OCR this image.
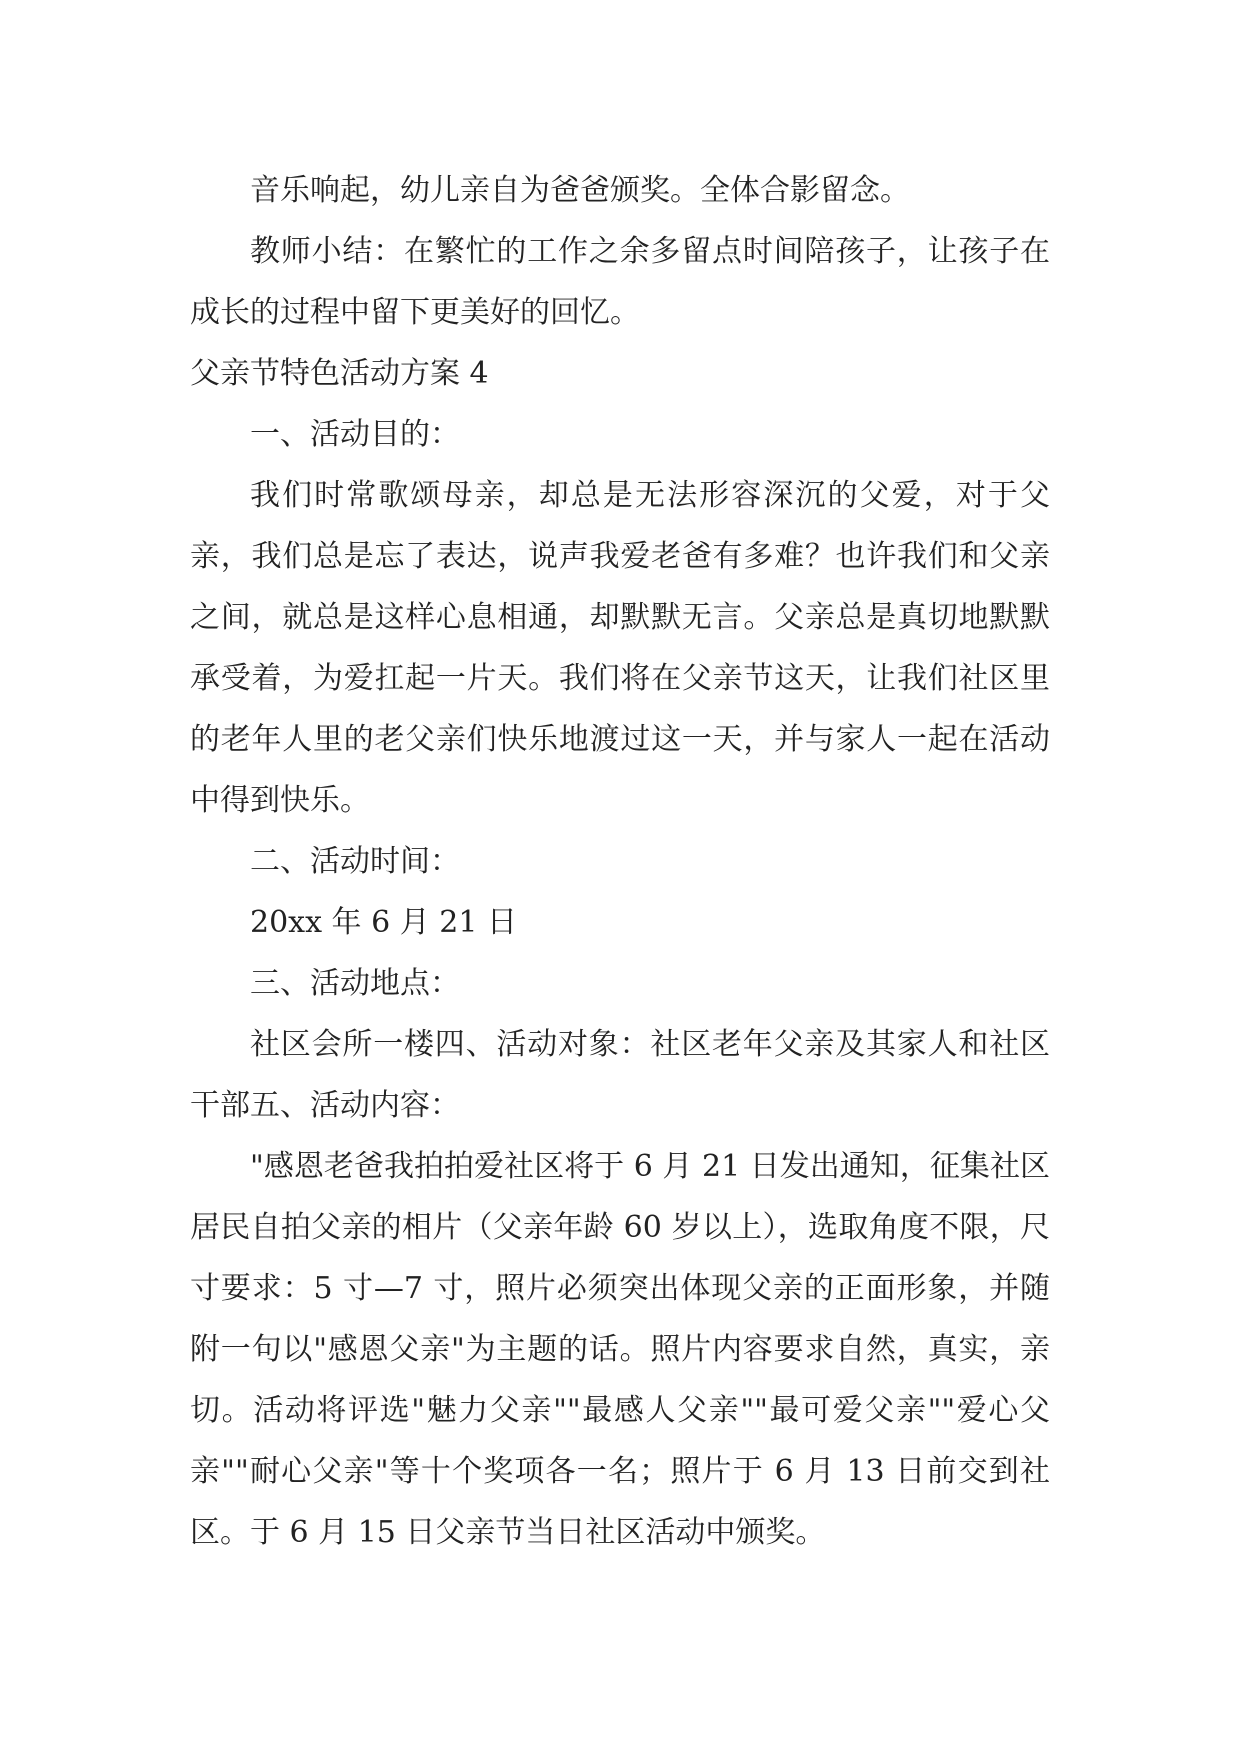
音乐响起，幼儿亲自为爸爸颁奖。全体合影留念。

教师小结：在繁忙的工作之余多留点时间陪孩子，让孩子在成长的过程中留下更美好的回忆。

父亲节特色活动方案 4

一、活动目的：

我们时常歌颂母亲，却总是无法形容深沉的父爱，对于父亲，我们总是忘了表达，说声我爱老爸有多难？也许我们和父亲之间，就总是这样心息相通，却默默无言。父亲总是真切地默默承受着，为爱扛起一片天。我们将在父亲节这天，让我们社区里的老年人里的老父亲们快乐地渡过这一天，并与家人一起在活动中得到快乐。

二、活动时间：

20xx 年 6 月 21 日

三、活动地点：

社区会所一楼四、活动对象：社区老年父亲及其家人和社区干部五、活动内容：

"感恩老爸我拍拍爱社区将于 6 月 21 日发出通知，征集社区居民自拍父亲的相片（父亲年龄 60 岁以上），选取角度不限，尺寸要求：5 寸—7 寸，照片必须突出体现父亲的正面形象，并随附一句以"感恩父亲"为主题的话。照片内容要求自然，真实，亲切。活动将评选"魅力父亲""最感人父亲""最可爱父亲""爱心父亲""耐心父亲"等十个奖项各一名；照片于 6 月 13 日前交到社区。于 6 月 15 日父亲节当日社区活动中颁奖。
